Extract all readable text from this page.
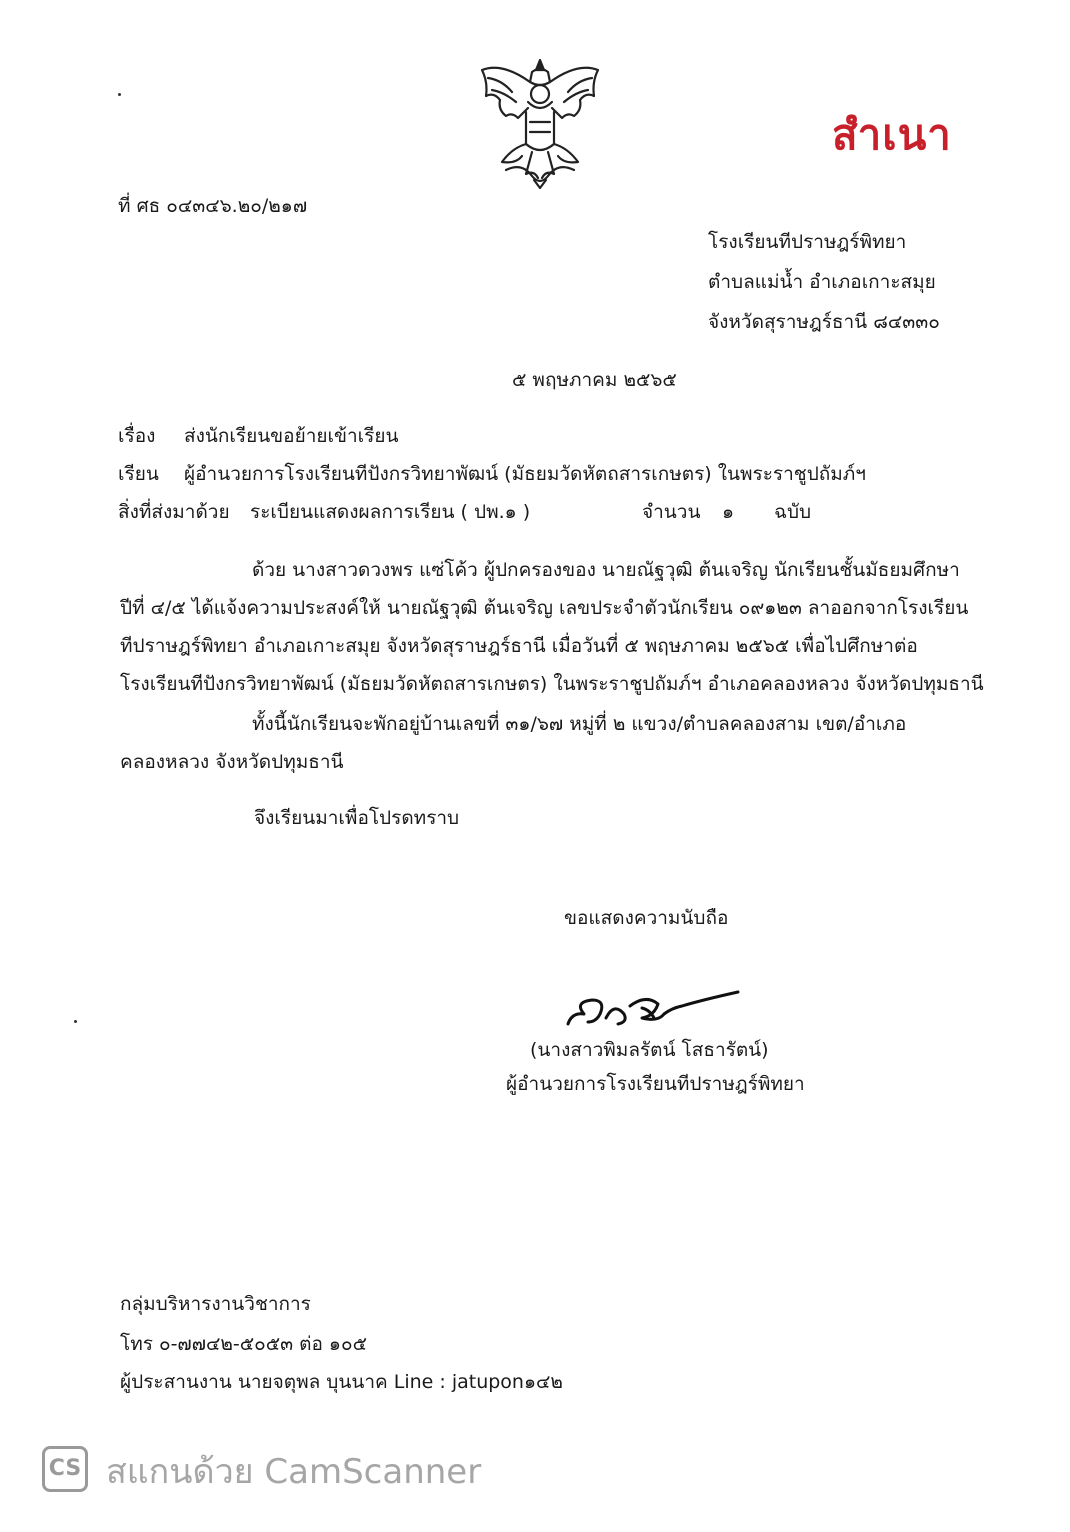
สำเนา
ที่ ศธ ๐๔๓๔๖.๒๐/๒๑๗
โรงเรียนทีปราษฎร์พิทยา
ตำบลแม่น้ำ อำเภอเกาะสมุย
จังหวัดสุราษฎร์ธานี ๘๔๓๓๐
๕ พฤษภาคม ๒๕๖๕
เรื่อง ส่งนักเรียนขอย้ายเข้าเรียน
เรียน ผู้อำนวยการโรงเรียนทีปังกรวิทยาพัฒน์ (มัธยมวัดหัตถสารเกษตร) ในพระราชูปถัมภ์ฯ
สิ่งที่ส่งมาด้วย ระเบียนแสดงผลการเรียน ( ปพ.๑ )	จำนวน ๑ ฉบับ
ด้วย นางสาวดวงพร แซ่โค้ว ผู้ปกครองของ นายณัฐวุฒิ ต้นเจริญ นักเรียนชั้นมัธยมศึกษา
ปีที่ ๔/๕ ได้แจ้งความประสงค์ให้ นายณัฐวุฒิ ต้นเจริญ เลขประจำตัวนักเรียน ๐๙๑๒๓ ลาออกจากโรงเรียน
ทีปราษฎร์พิทยา อำเภอเกาะสมุย จังหวัดสุราษฎร์ธานี เมื่อวันที่ ๕ พฤษภาคม ๒๕๖๕ เพื่อไปศึกษาต่อ
โรงเรียนทีปังกรวิทยาพัฒน์ (มัธยมวัดหัตถสารเกษตร) ในพระราชูปถัมภ์ฯ อำเภอคลองหลวง จังหวัดปทุมธานี
ทั้งนี้นักเรียนจะพักอยู่บ้านเลขที่ ๓๑/๖๗ หมู่ที่ ๒ แขวง/ตำบลคลองสาม เขต/อำเภอ
คลองหลวง จังหวัดปทุมธานี
จึงเรียนมาเพื่อโปรดทราบ
ขอแสดงความนับถือ
(นางสาวพิมลรัตน์ โสธารัตน์)
ผู้อำนวยการโรงเรียนทีปราษฎร์พิทยา
กลุ่มบริหารงานวิชาการ
โทร ๐-๗๗๔๒-๕๐๕๓ ต่อ ๑๐๕
ผู้ประสานงาน นายจตุพล บุนนาค Line : jatupon๑๔๒
CS สแกนด้วย CamScanner
